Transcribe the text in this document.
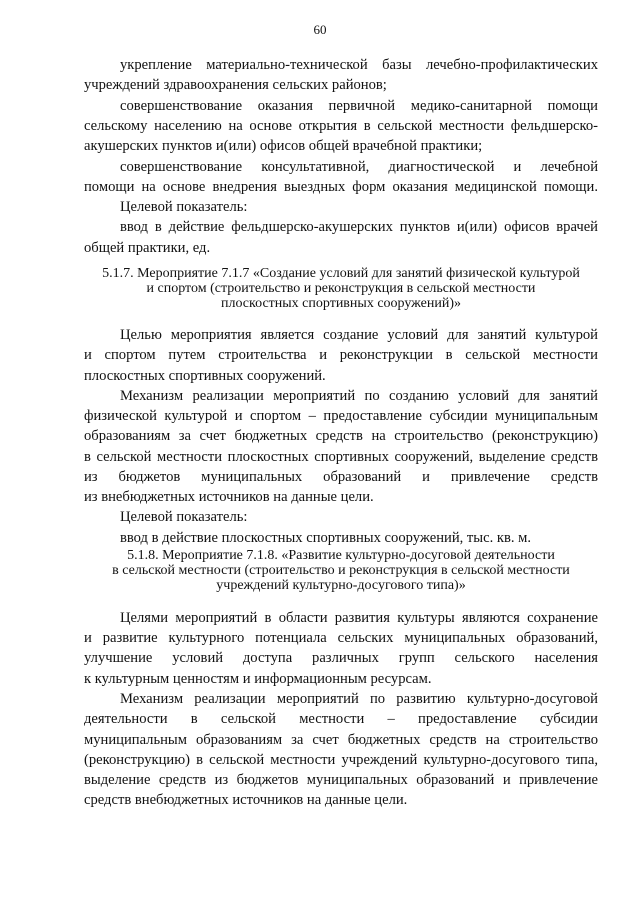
60
укрепление материально-технической базы лечебно-профилактических
учреждений здравоохранения сельских районов;
совершенствование оказания первичной медико-санитарной помощи
сельскому населению на основе открытия в сельской местности фельдшерско-
акушерских пунктов и(или) офисов общей врачебной практики;
совершенствование консультативной, диагностической и лечебной
помощи на основе внедрения выездных форм оказания медицинской помощи.
Целевой показатель:
ввод в действие фельдшерско-акушерских пунктов и(или) офисов врачей
общей практики, ед.
5.1.7. Мероприятие 7.1.7 «Создание условий для занятий физической культурой
и спортом (строительство и реконструкция в сельской местности
плоскостных спортивных сооружений)»
Целью мероприятия является создание условий для занятий культурой
и спортом путем строительства и реконструкции в сельской местности
плоскостных спортивных сооружений.
Механизм реализации мероприятий по созданию условий для занятий
физической культурой и спортом – предоставление субсидии муниципальным
образованиям за счет бюджетных средств на строительство (реконструкцию)
в сельской местности плоскостных спортивных сооружений, выделение средств
из бюджетов муниципальных образований и привлечение средств
из внебюджетных источников на данные цели.
Целевой показатель:
ввод в действие плоскостных спортивных сооружений, тыс. кв. м.
5.1.8. Мероприятие 7.1.8. «Развитие культурно-досуговой деятельности
в сельской местности (строительство и реконструкция в сельской местности
учреждений культурно-досугового типа)»
Целями мероприятий в области развития культуры являются сохранение
и развитие культурного потенциала сельских муниципальных образований,
улучшение условий доступа различных групп сельского населения
к культурным ценностям и информационным ресурсам.
Механизм реализации мероприятий по развитию культурно-досуговой
деятельности в сельской местности – предоставление субсидии
муниципальным образованиям за счет бюджетных средств на строительство
(реконструкцию) в сельской местности учреждений культурно-досугового типа,
выделение средств из бюджетов муниципальных образований и привлечение
средств внебюджетных источников на данные цели.
